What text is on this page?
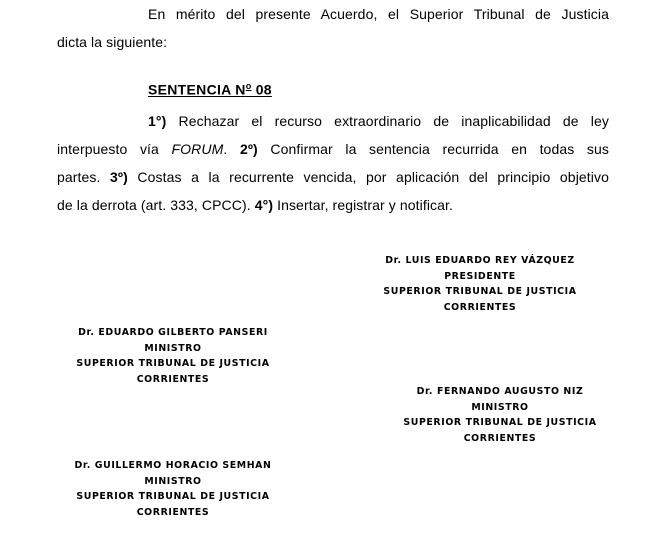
En mérito del presente Acuerdo, el Superior Tribunal de Justicia
dicta la siguiente:
SENTENCIA $N^o$ 08
1°) Rechazar el recurso extraordinario de inaplicabilidad de ley
interpuesto vía FORUM. 2º) Confirmar la sentencia recurrida en todas sus
partes. 3º) Costas a la recurrente vencida, por aplicación del principio objetivo
de la derrota (art. 333, CPCC). 4°) Insertar, registrar y notificar.
Dr. LUIS EDUARDO REY VÁZQUEZ
PRESIDENTE
SUPERIOR TRIBUNAL DE JUSTICIA
CORRIENTES
Dr. EDUARDO GILBERTO PANSERI
MINISTRO
SUPERIOR TRIBUNAL DE JUSTICIA
CORRIENTES
Dr. FERNANDO AUGUSTO NIZ
MINISTRO
SUPERIOR TRIBUNAL DE JUSTICIA
CORRIENTES
Dr. GUILLERMO HORACIO SEMHAN
MINISTRO
SUPERIOR TRIBUNAL DE JUSTICIA
CORRIENTES
